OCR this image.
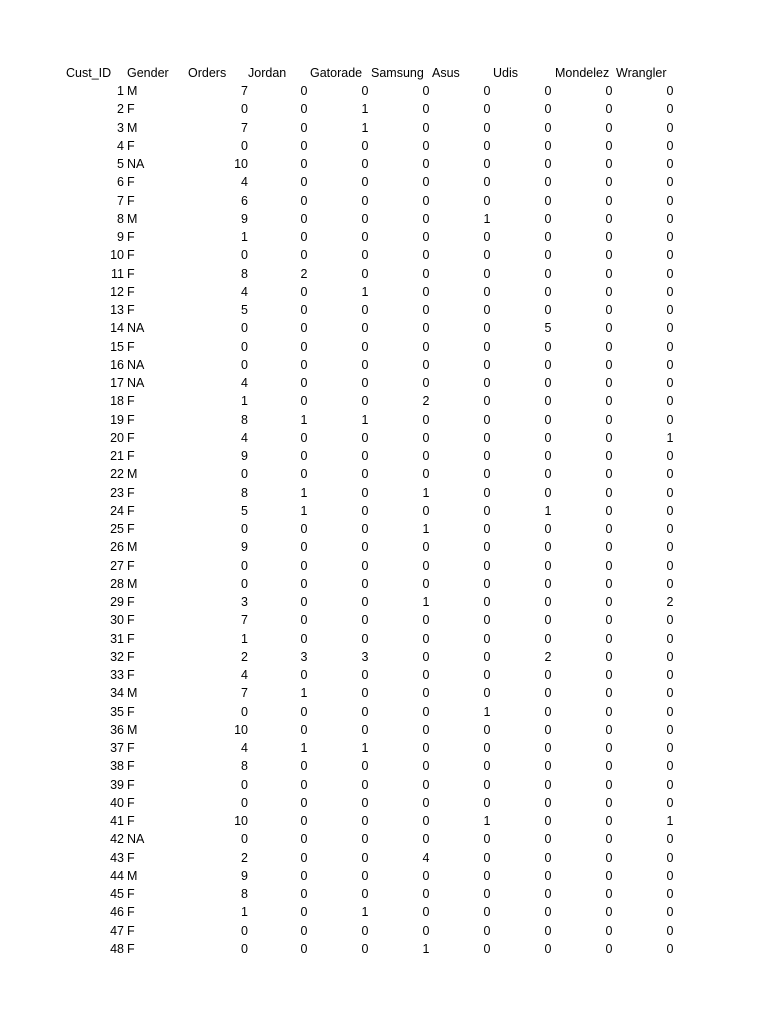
Cust_ID Gender Orders Jordan Gatorade Samsung Asus	Udis	Mondelez Wrangler
1 M	7	0	0	0	0	0	0	0
2 F	0	0	1	0	0	0	0	0
3 M	7	0	1	0	0	0	0	0
4 F	0	0	0	0	0	0	0	0
5 NA	10	0	0	0	0	0	0	0
6 F	4	0	0	0	0	0	0	0
7 F	6	0	0	0	0	0	0	0
8 M	9	0	0	0	1	0	0	0
9 F	1	0	0	0	0	0	0	0
10 F	0	0	0	0	0	0	0	0
11 F	8	2	0	0	0	0	0	0
12 F	4	0	1	0	0	0	0	0
13 F	5	0	0	0	0	0	0	0
14 NA	0	0	0	0	0	5	0	0
15 F	0	0	0	0	0	0	0	0
16 NA	0	0	0	0	0	0	0	0
17 NA	4	0	0	0	0	0	0	0
18 F	1	0	0	2	0	0	0	0
19 F	8	1	1	0	0	0	0	0
20 F	4	0	0	0	0	0	0	1
21 F	9	0	0	0	0	0	0	0
22 M	0	0	0	0	0	0	0	0
23 F	8	1	0	1	0	0	0	0
24 F	5	1	0	0	0	1	0	0
25 F	0	0	0	1	0	0	0	0
26 M	9	0	0	0	0	0	0	0
27 F	0	0	0	0	0	0	0	0
28 M	0	0	0	0	0	0	0	0
29 F	3	0	0	1	0	0	0	2
30 F	7	0	0	0	0	0	0	0
31 F	1	0	0	0	0	0	0	0
32 F	2	3	3	0	0	2	0	0
33 F	4	0	0	0	0	0	0	0
34 M	7	1	0	0	0	0	0	0
35 F	0	0	0	0	1	0	0	0
36 M	10	0	0	0	0	0	0	0
37 F	4	1	1	0	0	0	0	0
38 F	8	0	0	0	0	0	0	0
39 F	0	0	0	0	0	0	0	0
40 F	0	0	0	0	0	0	0	0
41 F	10	0	0	0	1	0	0	1
42 NA	0	0	0	0	0	0	0	0
43 F	2	0	0	4	0	0	0	0
44 M	9	0	0	0	0	0	0	0
45 F	8	0	0	0	0	0	0	0
46 F	1	0	1	0	0	0	0	0
47 F	0	0	0	0	0	0	0	0
48 F	0	0	0	1	0	0	0	0
